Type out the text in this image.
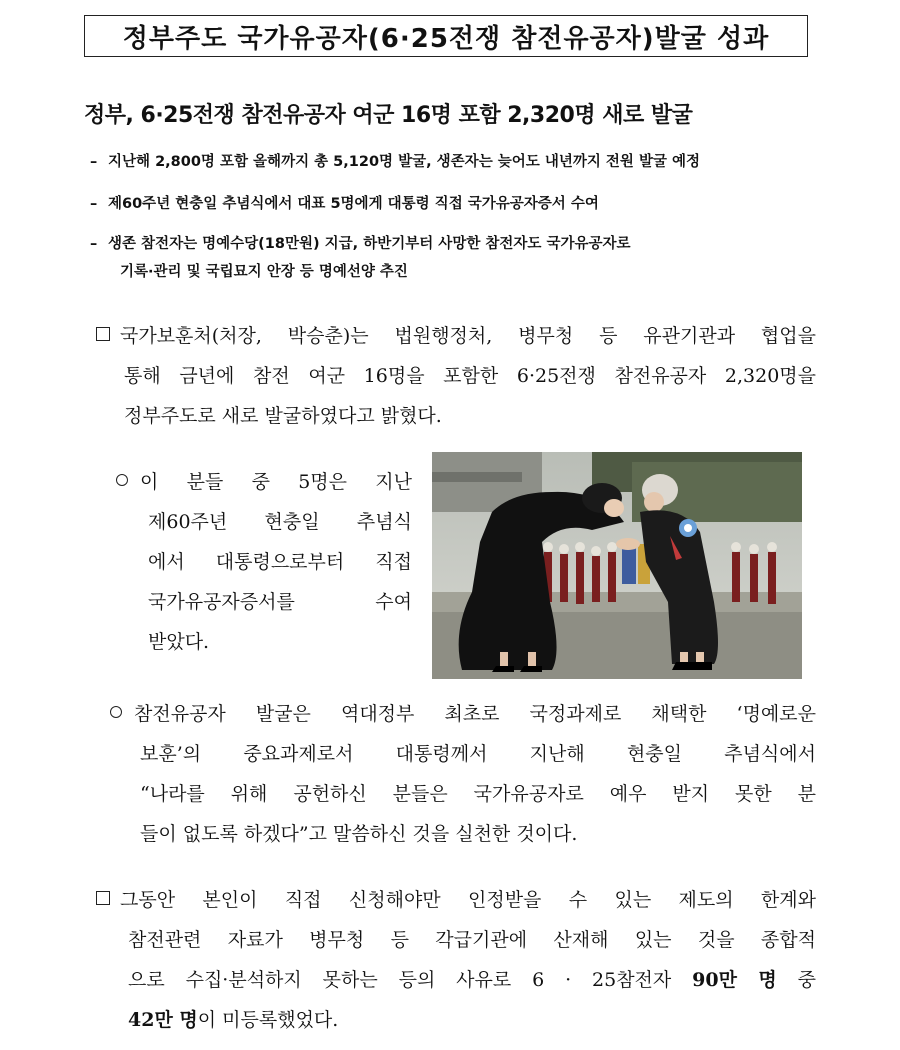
정부주도 국가유공자(6·25전쟁 참전유공자)발굴 성과
정부, 6·25전쟁 참전유공자 여군 16명 포함 2,320명 새로 발굴
– 지난해 2,800명 포함 올해까지 총 5,120명 발굴, 생존자는 늦어도 내년까지 전원 발굴 예정
– 제60주년 현충일 추념식에서 대표 5명에게 대통령 직접 국가유공자증서 수여
– 생존 참전자는 명예수당(18만원) 지급, 하반기부터 사망한 참전자도 국가유공자로
기록·관리 및 국립묘지 안장 등 명예선양 추진
국가보훈처(처장, 박승춘)는 법원행정처, 병무청 등 유관기관과 협업을
통해 금년에 참전 여군 16명을 포함한 6·25전쟁 참전유공자 2,320명을
정부주도로 새로 발굴하였다고 밝혔다.
이 분들 중 5명은 지난
제60주년 현충일 추념식
에서 대통령으로부터 직접
국가유공자증서를 수여
받았다.
참전유공자 발굴은 역대정부 최초로 국정과제로 채택한 ‘명예로운
보훈’의 중요과제로서 대통령께서 지난해 현충일 추념식에서
“나라를 위해 공헌하신 분들은 국가유공자로 예우 받지 못한 분
들이 없도록 하겠다”고 말씀하신 것을 실천한 것이다.
그동안 본인이 직접 신청해야만 인정받을 수 있는 제도의 한계와
참전관련 자료가 병무청 등 각급기관에 산재해 있는 것을 종합적
으로 수집·분석하지 못하는 등의 사유로 6 · 25참전자 90만 명 중
42만 명이 미등록했었다.
